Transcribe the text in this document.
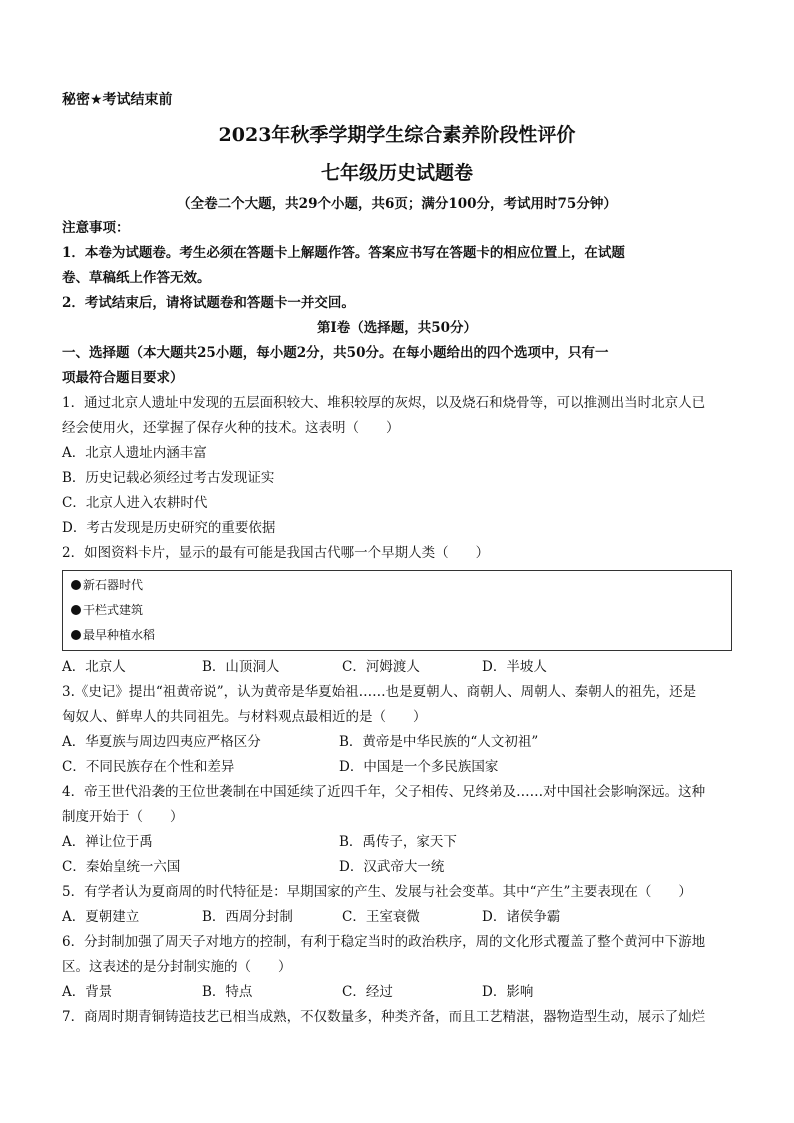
秘密★考试结束前
2023年秋季学期学生综合素养阶段性评价
七年级历史试题卷
（全卷二个大题，共29个小题，共6页；满分100分，考试用时75分钟）
注意事项：
1．本卷为试题卷。考生必须在答题卡上解题作答。答案应书写在答题卡的相应位置上，在试题
卷、草稿纸上作答无效。
2．考试结束后，请将试题卷和答题卡一并交回。
第Ⅰ卷（选择题，共50分）
一、选择题（本大题共25小题，每小题2分，共50分。在每小题给出的四个选项中，只有一
项最符合题目要求）
1．通过北京人遗址中发现的五层面积较大、堆积较厚的灰烬，以及烧石和烧骨等，可以推测出当时北京人已
经会使用火，还掌握了保存火种的技术。这表明（　　）
A．北京人遗址内涵丰富
B．历史记载必须经过考古发现证实
C．北京人进入农耕时代
D．考古发现是历史研究的重要依据
2．如图资料卡片，显示的最有可能是我国古代哪一个早期人类（　　）
新石器时代
干栏式建筑
最早种植水稻
A．北京人	B．山顶洞人	C．河姆渡人	D．半坡人
3.《史记》提出“祖黄帝说”，认为黄帝是华夏始祖……也是夏朝人、商朝人、周朝人、秦朝人的祖先，还是
匈奴人、鲜卑人的共同祖先。与材料观点最相近的是（　　）
A．华夏族与周边四夷应严格区分	B．黄帝是中华民族的“人文初祖”
C．不同民族存在个性和差异	D．中国是一个多民族国家
4．帝王世代沿袭的王位世袭制在中国延续了近四千年，父子相传、兄终弟及……对中国社会影响深远。这种
制度开始于（　　）
A．禅让位于禹	B．禹传子，家天下
C．秦始皇统一六国	D．汉武帝大一统
5．有学者认为夏商周的时代特征是：早期国家的产生、发展与社会变革。其中“产生”主要表现在（　　）
A．夏朝建立	B．西周分封制	C．王室衰微	D．诸侯争霸
6．分封制加强了周天子对地方的控制，有利于稳定当时的政治秩序，周的文化形式覆盖了整个黄河中下游地
区。这表述的是分封制实施的（　　）
A．背景	B．特点	C．经过	D．影响
7．商周时期青铜铸造技艺已相当成熟，不仅数量多，种类齐备，而且工艺精湛，器物造型生动，展示了灿烂
